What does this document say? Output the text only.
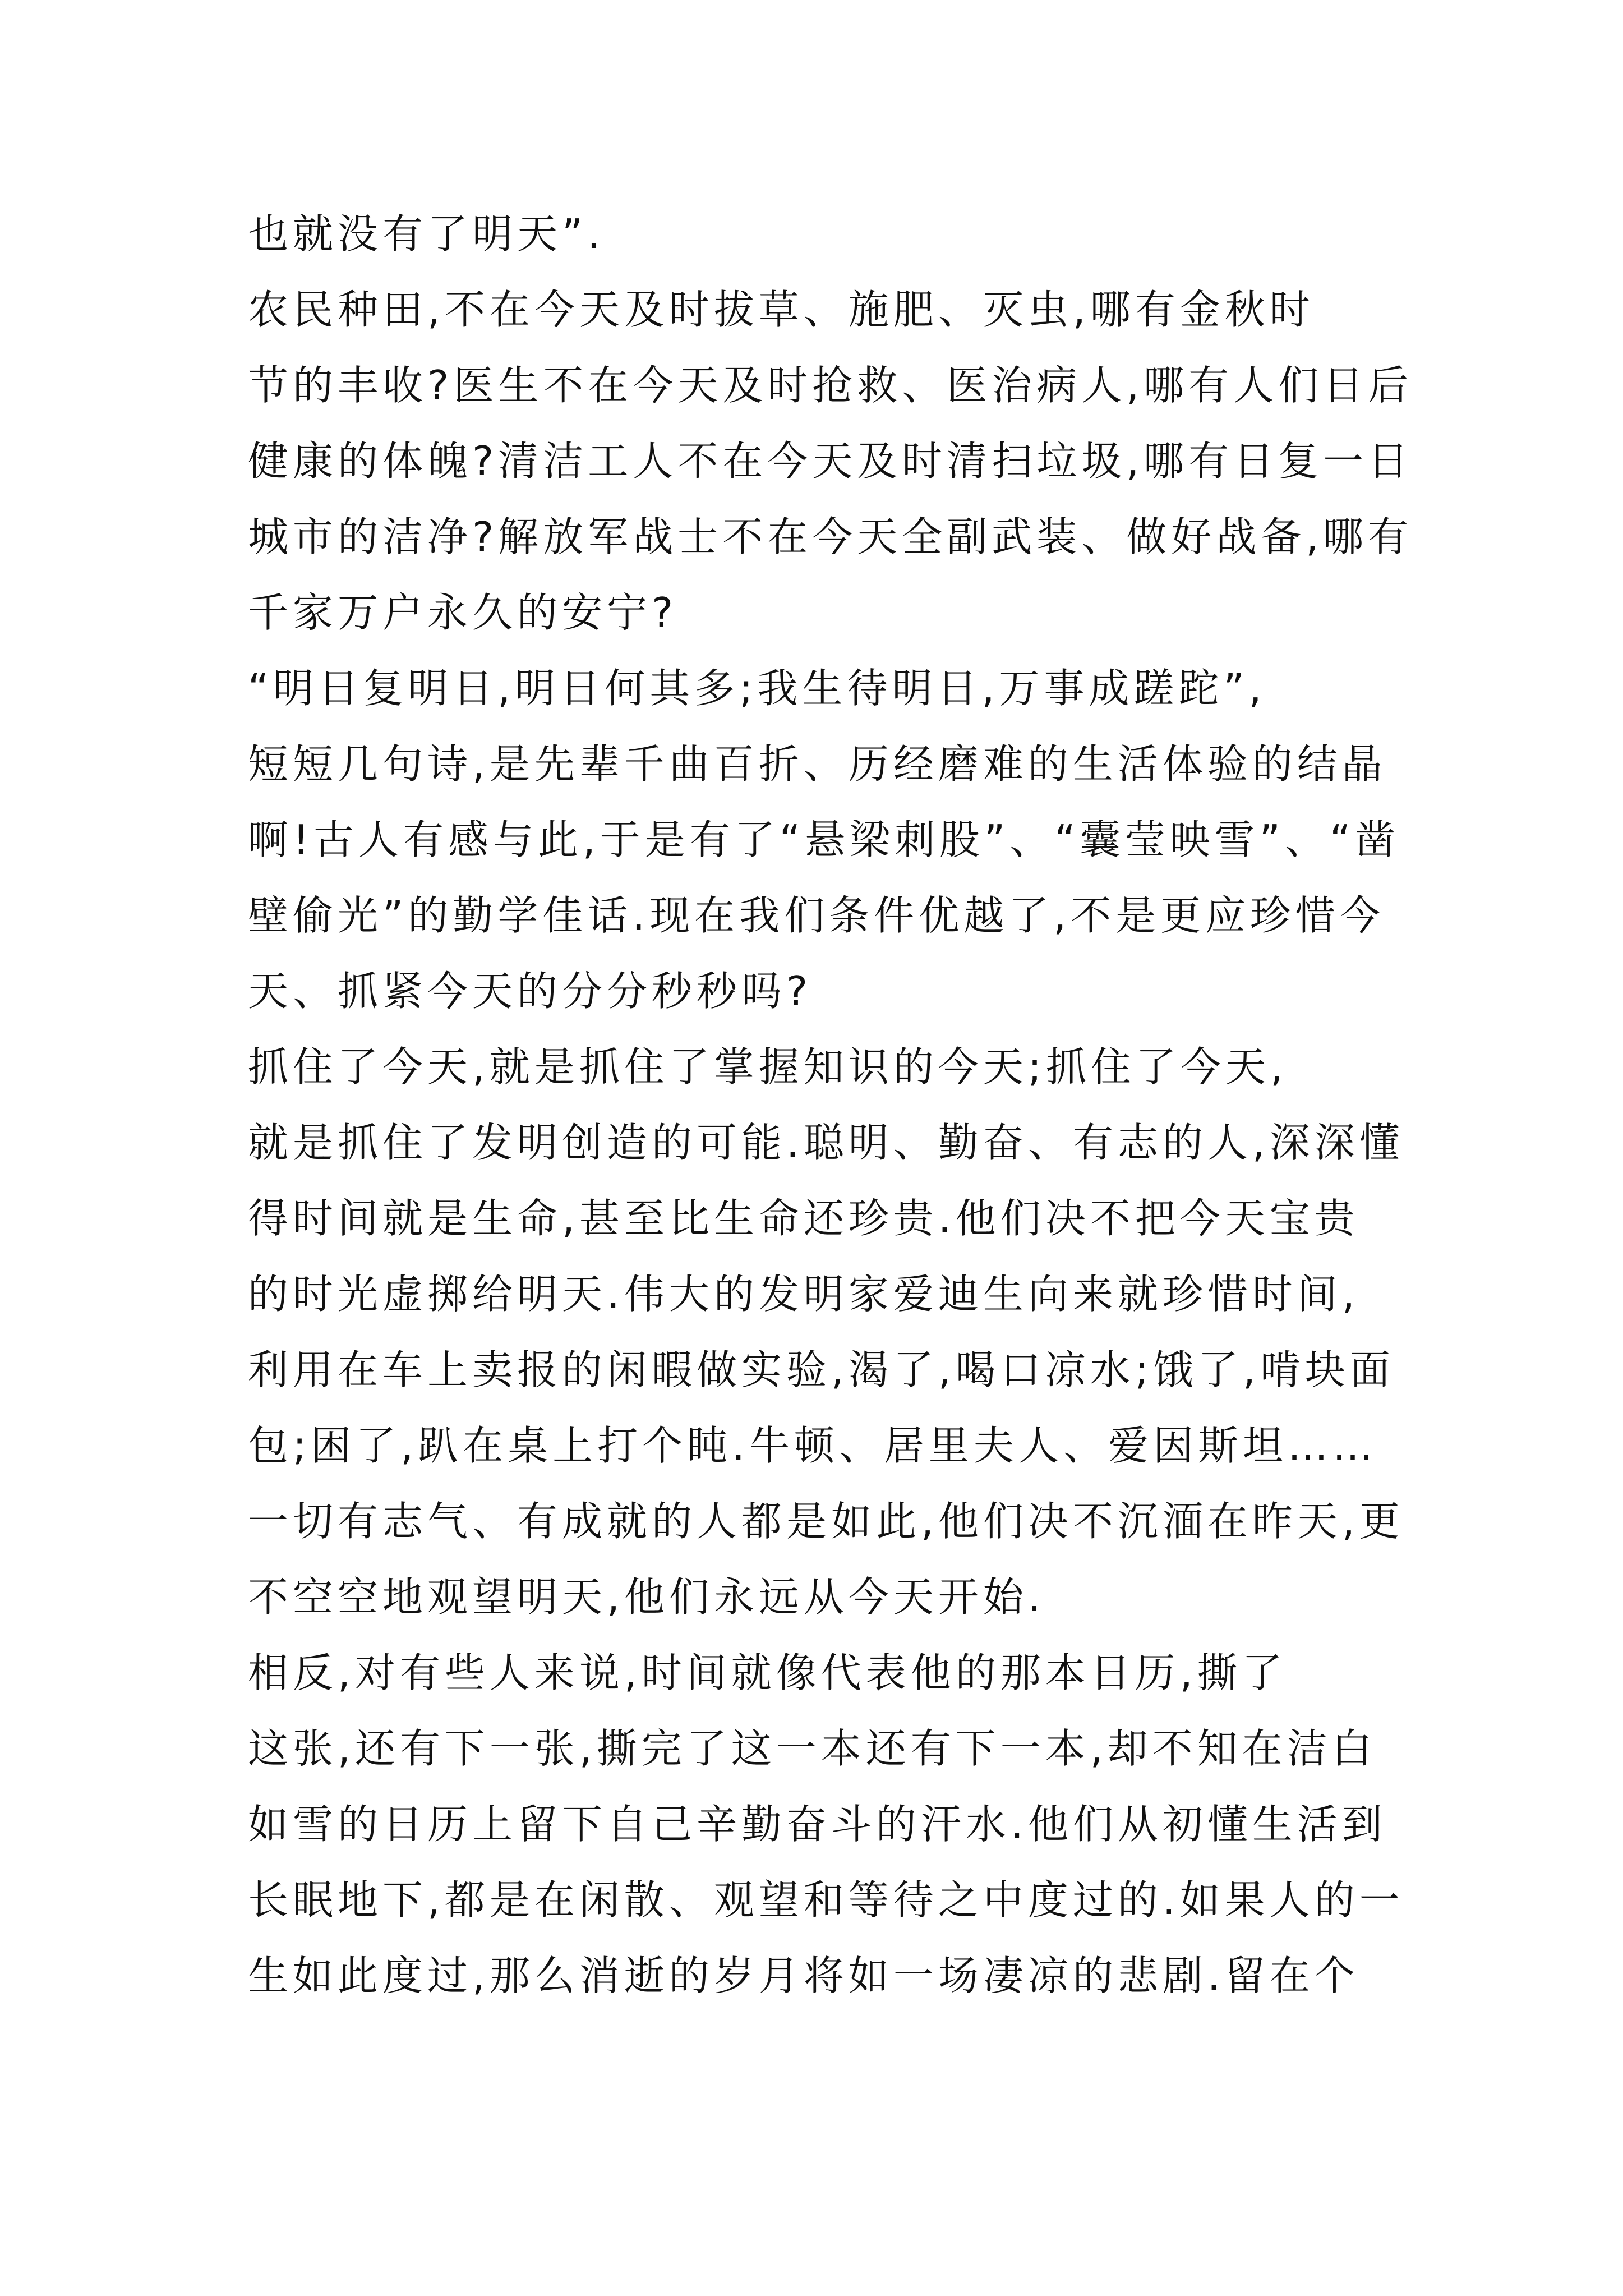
也就没有了明天”.
农民种田,不在今天及时拔草、施肥、灭虫,哪有金秋时
节的丰收?医生不在今天及时抢救、医治病人,哪有人们日后
健康的体魄?清洁工人不在今天及时清扫垃圾,哪有日复一日
城市的洁净?解放军战士不在今天全副武装、做好战备,哪有
千家万户永久的安宁?
“明日复明日,明日何其多;我生待明日,万事成蹉跎”,
短短几句诗,是先辈千曲百折、历经磨难的生活体验的结晶
啊!古人有感与此,于是有了“悬梁刺股”、“囊莹映雪”、“凿
壁偷光”的勤学佳话.现在我们条件优越了,不是更应珍惜今
天、抓紧今天的分分秒秒吗?
抓住了今天,就是抓住了掌握知识的今天;抓住了今天,
就是抓住了发明创造的可能.聪明、勤奋、有志的人,深深懂
得时间就是生命,甚至比生命还珍贵.他们决不把今天宝贵
的时光虚掷给明天.伟大的发明家爱迪生向来就珍惜时间,
利用在车上卖报的闲暇做实验,渴了,喝口凉水;饿了,啃块面
包;困了,趴在桌上打个盹.牛顿、居里夫人、爱因斯坦……
一切有志气、有成就的人都是如此,他们决不沉湎在昨天,更
不空空地观望明天,他们永远从今天开始.
相反,对有些人来说,时间就像代表他的那本日历,撕了
这张,还有下一张,撕完了这一本还有下一本,却不知在洁白
如雪的日历上留下自己辛勤奋斗的汗水.他们从初懂生活到
长眠地下,都是在闲散、观望和等待之中度过的.如果人的一
生如此度过,那么消逝的岁月将如一场凄凉的悲剧.留在个
